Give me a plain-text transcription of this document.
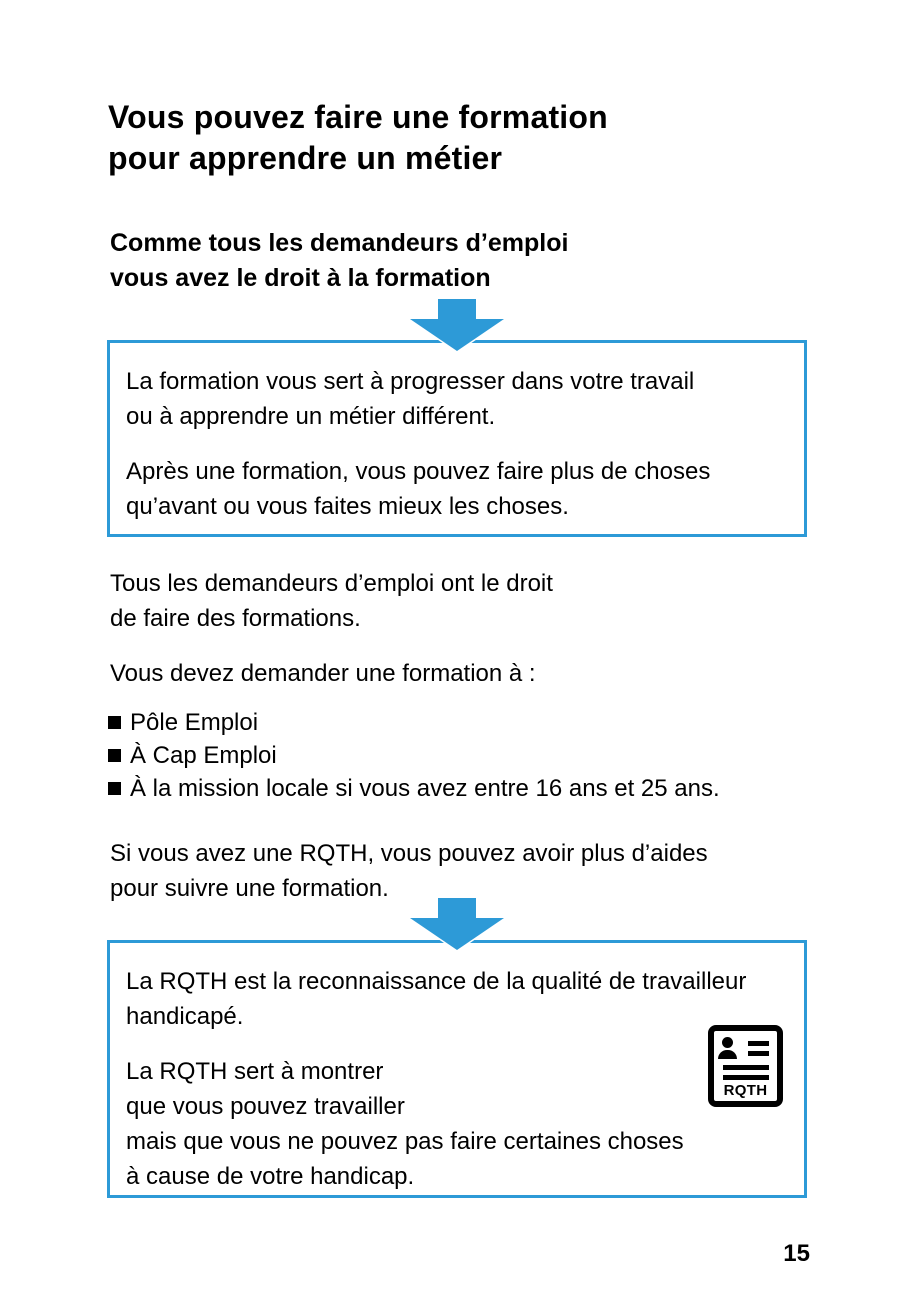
Vous pouvez faire une formation
pour apprendre un métier
Comme tous les demandeurs d’emploi
vous avez le droit à la formation

La formation vous sert à progresser dans votre travail
ou à apprendre un métier différent.

Après une formation, vous pouvez faire plus de choses
qu’avant ou vous faites mieux les choses.

Tous les demandeurs d’emploi ont le droit
de faire des formations.

Vous devez demander une formation à :

Pôle Emploi
À Cap Emploi
À la mission locale si vous avez entre 16 ans et 25 ans.

Si vous avez une RQTH, vous pouvez avoir plus d’aides
pour suivre une formation.

La RQTH est la reconnaissance de la qualité de travailleur
handicapé.

La RQTH sert à montrer
que vous pouvez travailler
mais que vous ne pouvez pas faire certaines choses
à cause de votre handicap.

RQTH
15
